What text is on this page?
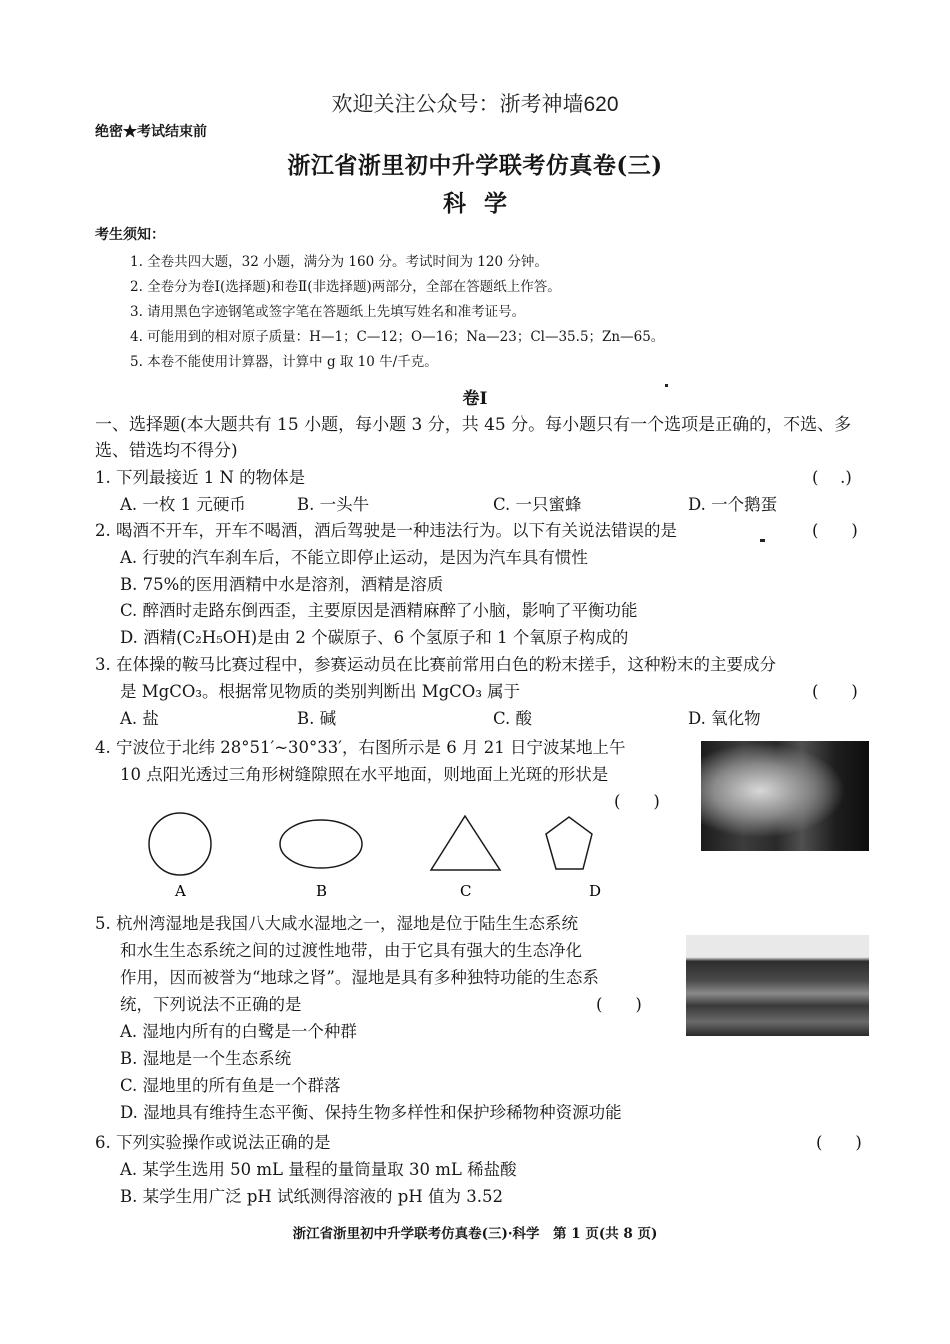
欢迎关注公众号：浙考神墙620
绝密★考试结束前
浙江省浙里初中升学联考仿真卷(三)
科学
考生须知：
1. 全卷共四大题，32 小题，满分为 160 分。考试时间为 120 分钟。
2. 全卷分为卷Ⅰ(选择题)和卷Ⅱ(非选择题)两部分，全部在答题纸上作答。
3. 请用黑色字迹钢笔或签字笔在答题纸上先填写姓名和准考证号。
4. 可能用到的相对原子质量：H—1；C—12；O—16；Na—23；Cl—35.5；Zn—65。
5. 本卷不能使用计算器，计算中 g 取 10 牛/千克。
卷Ⅰ
一、选择题(本大题共有 15 小题，每小题 3 分，共 45 分。每小题只有一个选项是正确的，不选、多
选、错选均不得分)
1. 下列最接近 1 N 的物体是	(　 .)
A. 一枚 1 元硬币	B. 一头牛	C. 一只蜜蜂	D. 一个鹅蛋
2. 喝酒不开车，开车不喝酒，酒后驾驶是一种违法行为。以下有关说法错误的是	(　　)
A. 行驶的汽车刹车后，不能立即停止运动，是因为汽车具有惯性
B. 75%的医用酒精中水是溶剂，酒精是溶质
C. 醉酒时走路东倒西歪，主要原因是酒精麻醉了小脑，影响了平衡功能
D. 酒精(C₂H₅OH)是由 2 个碳原子、6 个氢原子和 1 个氧原子构成的
3. 在体操的鞍马比赛过程中，参赛运动员在比赛前常用白色的粉末搓手，这种粉末的主要成分
是 MgCO₃。根据常见物质的类别判断出 MgCO₃ 属于	(　　)
A. 盐	B. 碱	C. 酸	D. 氧化物
4. 宁波位于北纬 28°51′~30°33′，右图所示是 6 月 21 日宁波某地上午
10 点阳光透过三角形树缝隙照在水平地面，则地面上光斑的形状是
(　　)
A	B	C	D
5. 杭州湾湿地是我国八大咸水湿地之一，湿地是位于陆生生态系统
和水生生态系统之间的过渡性地带，由于它具有强大的生态净化
作用，因而被誉为“地球之肾”。湿地是具有多种独特功能的生态系
统，下列说法不正确的是	(　　)
A. 湿地内所有的白鹭是一个种群
B. 湿地是一个生态系统
C. 湿地里的所有鱼是一个群落
D. 湿地具有维持生态平衡、保持生物多样性和保护珍稀物种资源功能
6. 下列实验操作或说法正确的是	(　　)
A. 某学生选用 50 mL 量程的量筒量取 30 mL 稀盐酸
B. 某学生用广泛 pH 试纸测得溶液的 pH 值为 3.52
浙江省浙里初中升学联考仿真卷(三)·科学　第 1 页(共 8 页)
